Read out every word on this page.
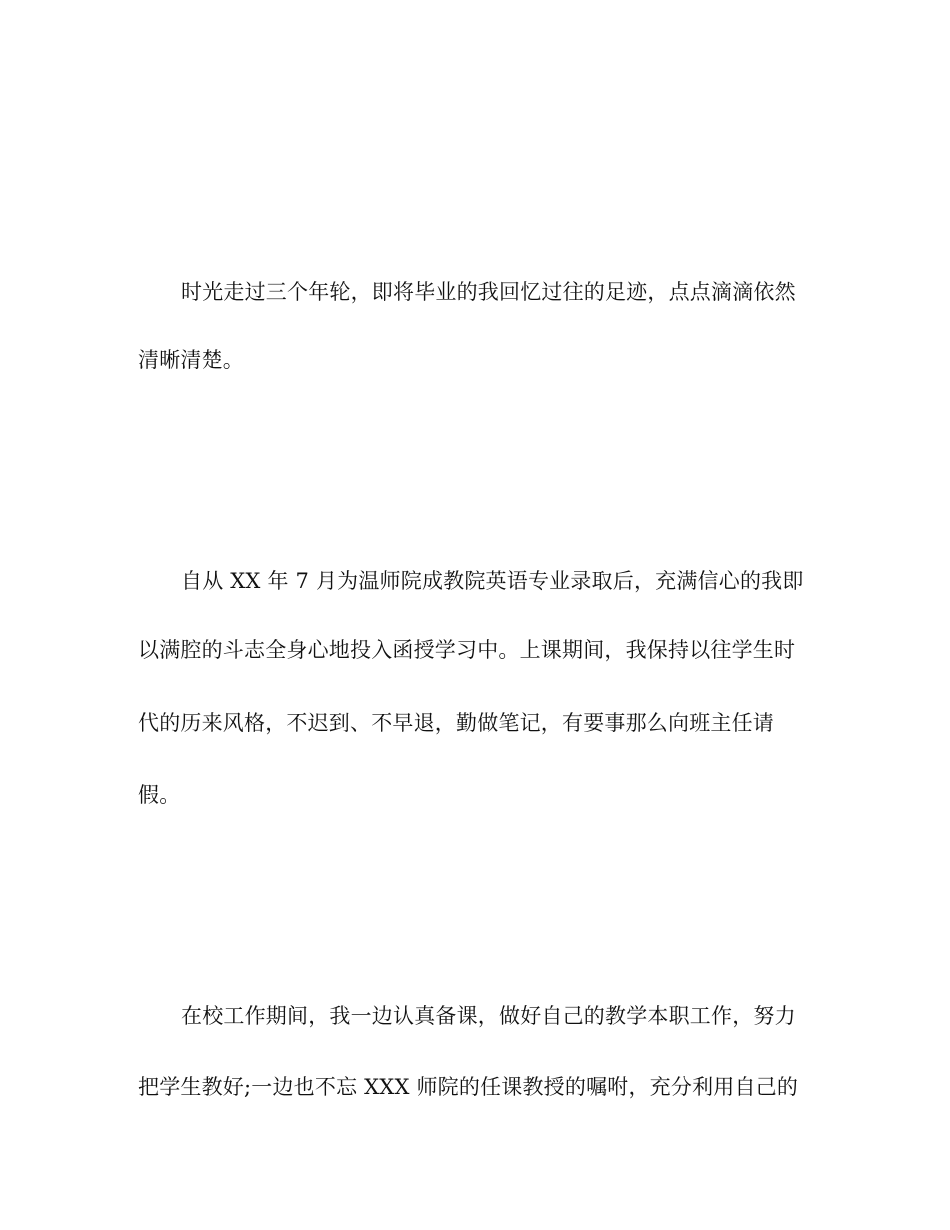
时光走过三个年轮，即将毕业的我回忆过往的足迹，点点滴滴依然
清晰清楚。
自从 XX 年 7 月为温师院成教院英语专业录取后，充满信心的我即
以满腔的斗志全身心地投入函授学习中。上课期间，我保持以往学生时
代的历来风格，不迟到、不早退，勤做笔记，有要事那么向班主任请
假。
在校工作期间，我一边认真备课，做好自己的教学本职工作，努力
把学生教好;一边也不忘 XXX 师院的任课教授的嘱咐，充分利用自己的
